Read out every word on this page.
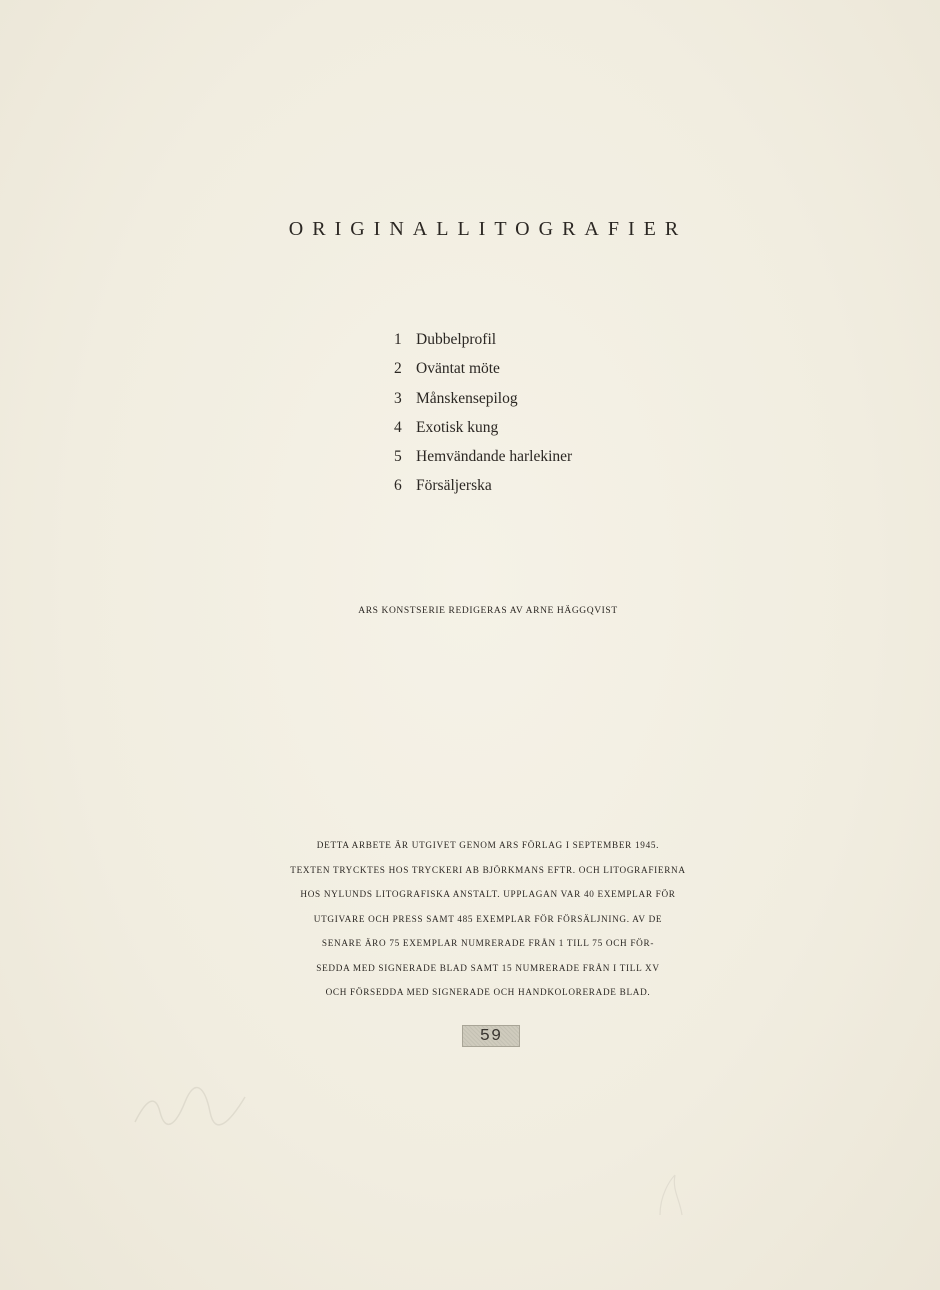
ORIGINALLITOGRAFIER
1 Dubbelprofil
2 Oväntat möte
3 Månskensepilog
4 Exotisk kung
5 Hemvändande harlekiner
6 Försäljerska
ARS KONSTSERIE REDIGERAS AV ARNE HÄGGQVIST
DETTA ARBETE ÄR UTGIVET GENOM ARS FÖRLAG I SEPTEMBER 1945.
TEXTEN TRYCKTES HOS TRYCKERI AB BJÖRKMANS EFTR. OCH LITOGRAFIERNA
HOS NYLUNDS LITOGRAFISKA ANSTALT. UPPLAGAN VAR 40 EXEMPLAR FÖR
UTGIVARE OCH PRESS SAMT 485 EXEMPLAR FÖR FÖRSÄLJNING. AV DE
SENARE ÄRO 75 EXEMPLAR NUMRERADE FRÅN 1 TILL 75 OCH FÖR-
SEDDA MED SIGNERADE BLAD SAMT 15 NUMRERADE FRÅN I TILL XV
OCH FÖRSEDDA MED SIGNERADE OCH HANDKOLORERADE BLAD.
59
